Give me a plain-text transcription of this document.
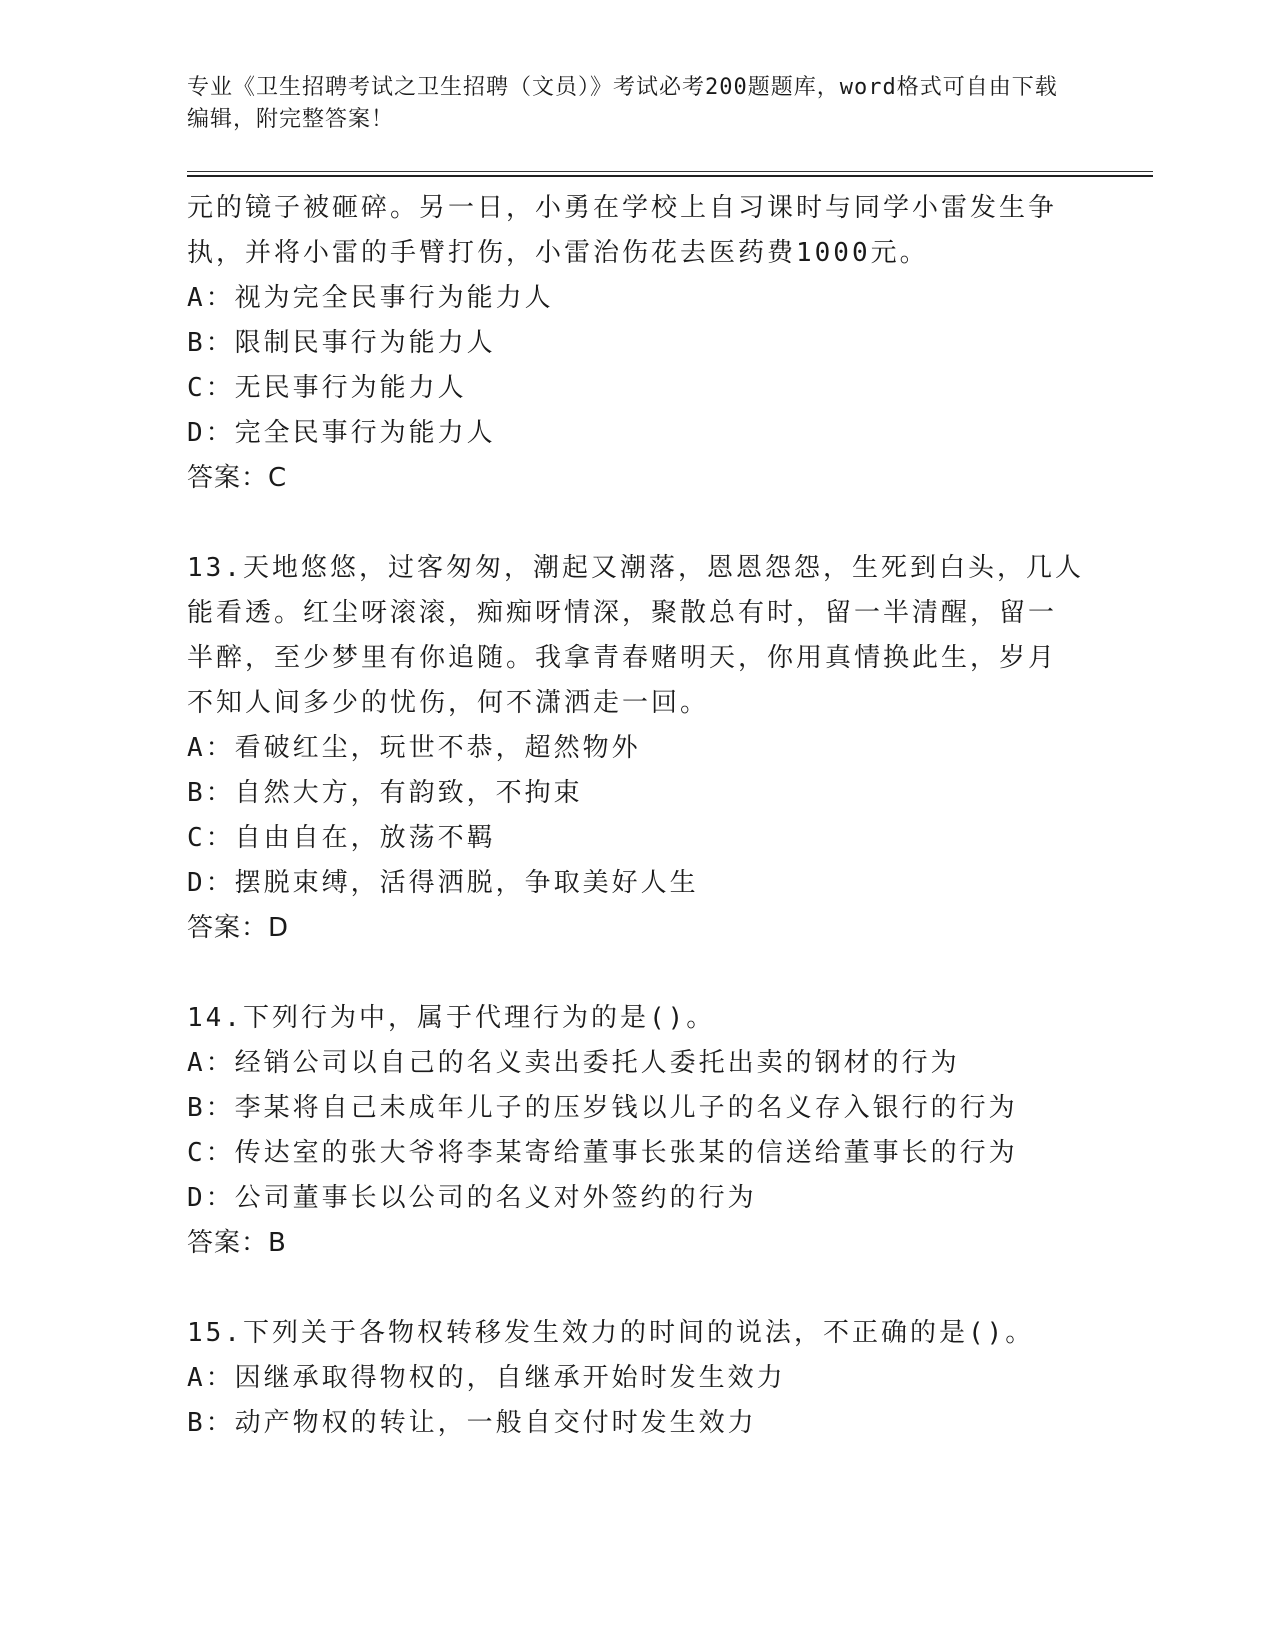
专业《卫生招聘考试之卫生招聘（文员）》考试必考200题题库，word格式可自由下载编辑，附完整答案！
元的镜子被砸碎。另一日，小勇在学校上自习课时与同学小雷发生争
执，并将小雷的手臂打伤，小雷治伤花去医药费1000元。
A：视为完全民事行为能力人
B：限制民事行为能力人
C：无民事行为能力人
D：完全民事行为能力人
答案：C
13.天地悠悠，过客匆匆，潮起又潮落，恩恩怨怨，生死到白头，几人
能看透。红尘呀滚滚，痴痴呀情深，聚散总有时，留一半清醒，留一
半醉，至少梦里有你追随。我拿青春赌明天，你用真情换此生，岁月
不知人间多少的忧伤，何不潇洒走一回。
A：看破红尘，玩世不恭，超然物外
B：自然大方，有韵致，不拘束
C：自由自在，放荡不羁
D：摆脱束缚，活得洒脱，争取美好人生
答案：D
14.下列行为中，属于代理行为的是()。
A：经销公司以自己的名义卖出委托人委托出卖的钢材的行为
B：李某将自己未成年儿子的压岁钱以儿子的名义存入银行的行为
C：传达室的张大爷将李某寄给董事长张某的信送给董事长的行为
D：公司董事长以公司的名义对外签约的行为
答案：B
15.下列关于各物权转移发生效力的时间的说法，不正确的是()。
A：因继承取得物权的，自继承开始时发生效力
B：动产物权的转让，一般自交付时发生效力
